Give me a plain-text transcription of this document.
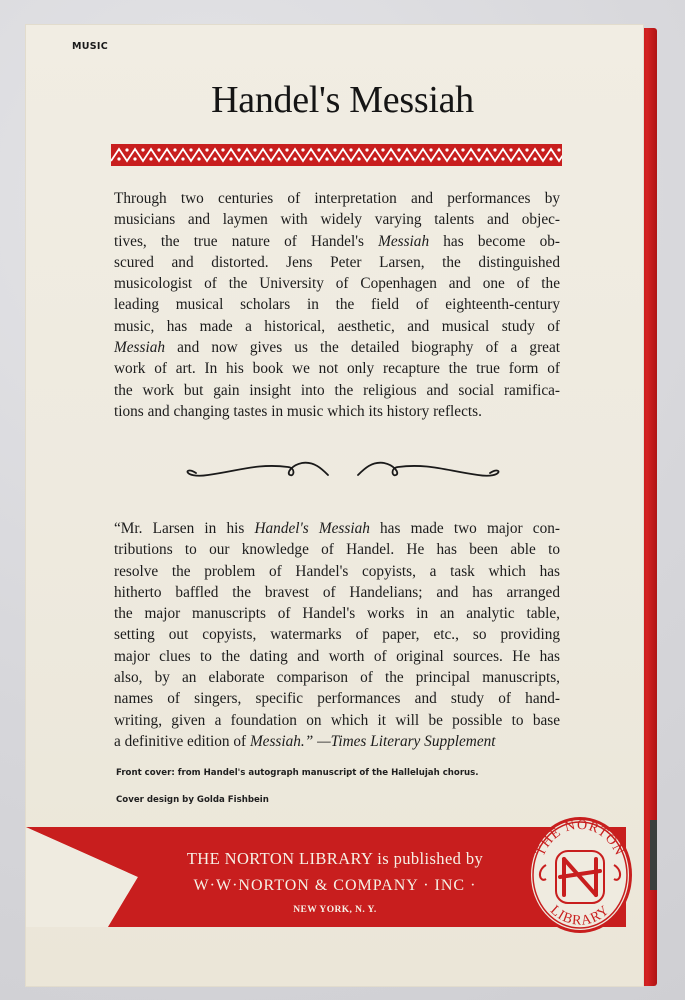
MUSIC
Handel's Messiah
Through two centuries of interpretation and performances by
musicians and laymen with widely varying talents and objec-
tives, the true nature of Handel's Messiah has become ob-
scured and distorted. Jens Peter Larsen, the distinguished
musicologist of the University of Copenhagen and one of the
leading musical scholars in the field of eighteenth-century
music, has made a historical, aesthetic, and musical study of
Messiah and now gives us the detailed biography of a great
work of art. In his book we not only recapture the true form of
the work but gain insight into the religious and social ramifica-
tions and changing tastes in music which its history reflects.
“Mr. Larsen in his Handel's Messiah has made two major con-
tributions to our knowledge of Handel. He has been able to
resolve the problem of Handel's copyists, a task which has
hitherto baffled the bravest of Handelians; and has arranged
the major manuscripts of Handel's works in an analytic table,
setting out copyists, watermarks of paper, etc., so providing
major clues to the dating and worth of original sources. He has
also, by an elaborate comparison of the principal manuscripts,
names of singers, specific performances and study of hand-
writing, given a foundation on which it will be possible to base
a definitive edition of Messiah.” —Times Literary Supplement
Front cover: from Handel's autograph manuscript of the Hallelujah chorus.
Cover design by Golda Fishbein
THE NORTON LIBRARY is published by
W·W·NORTON & COMPANY · INC ·
NEW YORK, N. Y.
THE NORTON
LIBRARY
